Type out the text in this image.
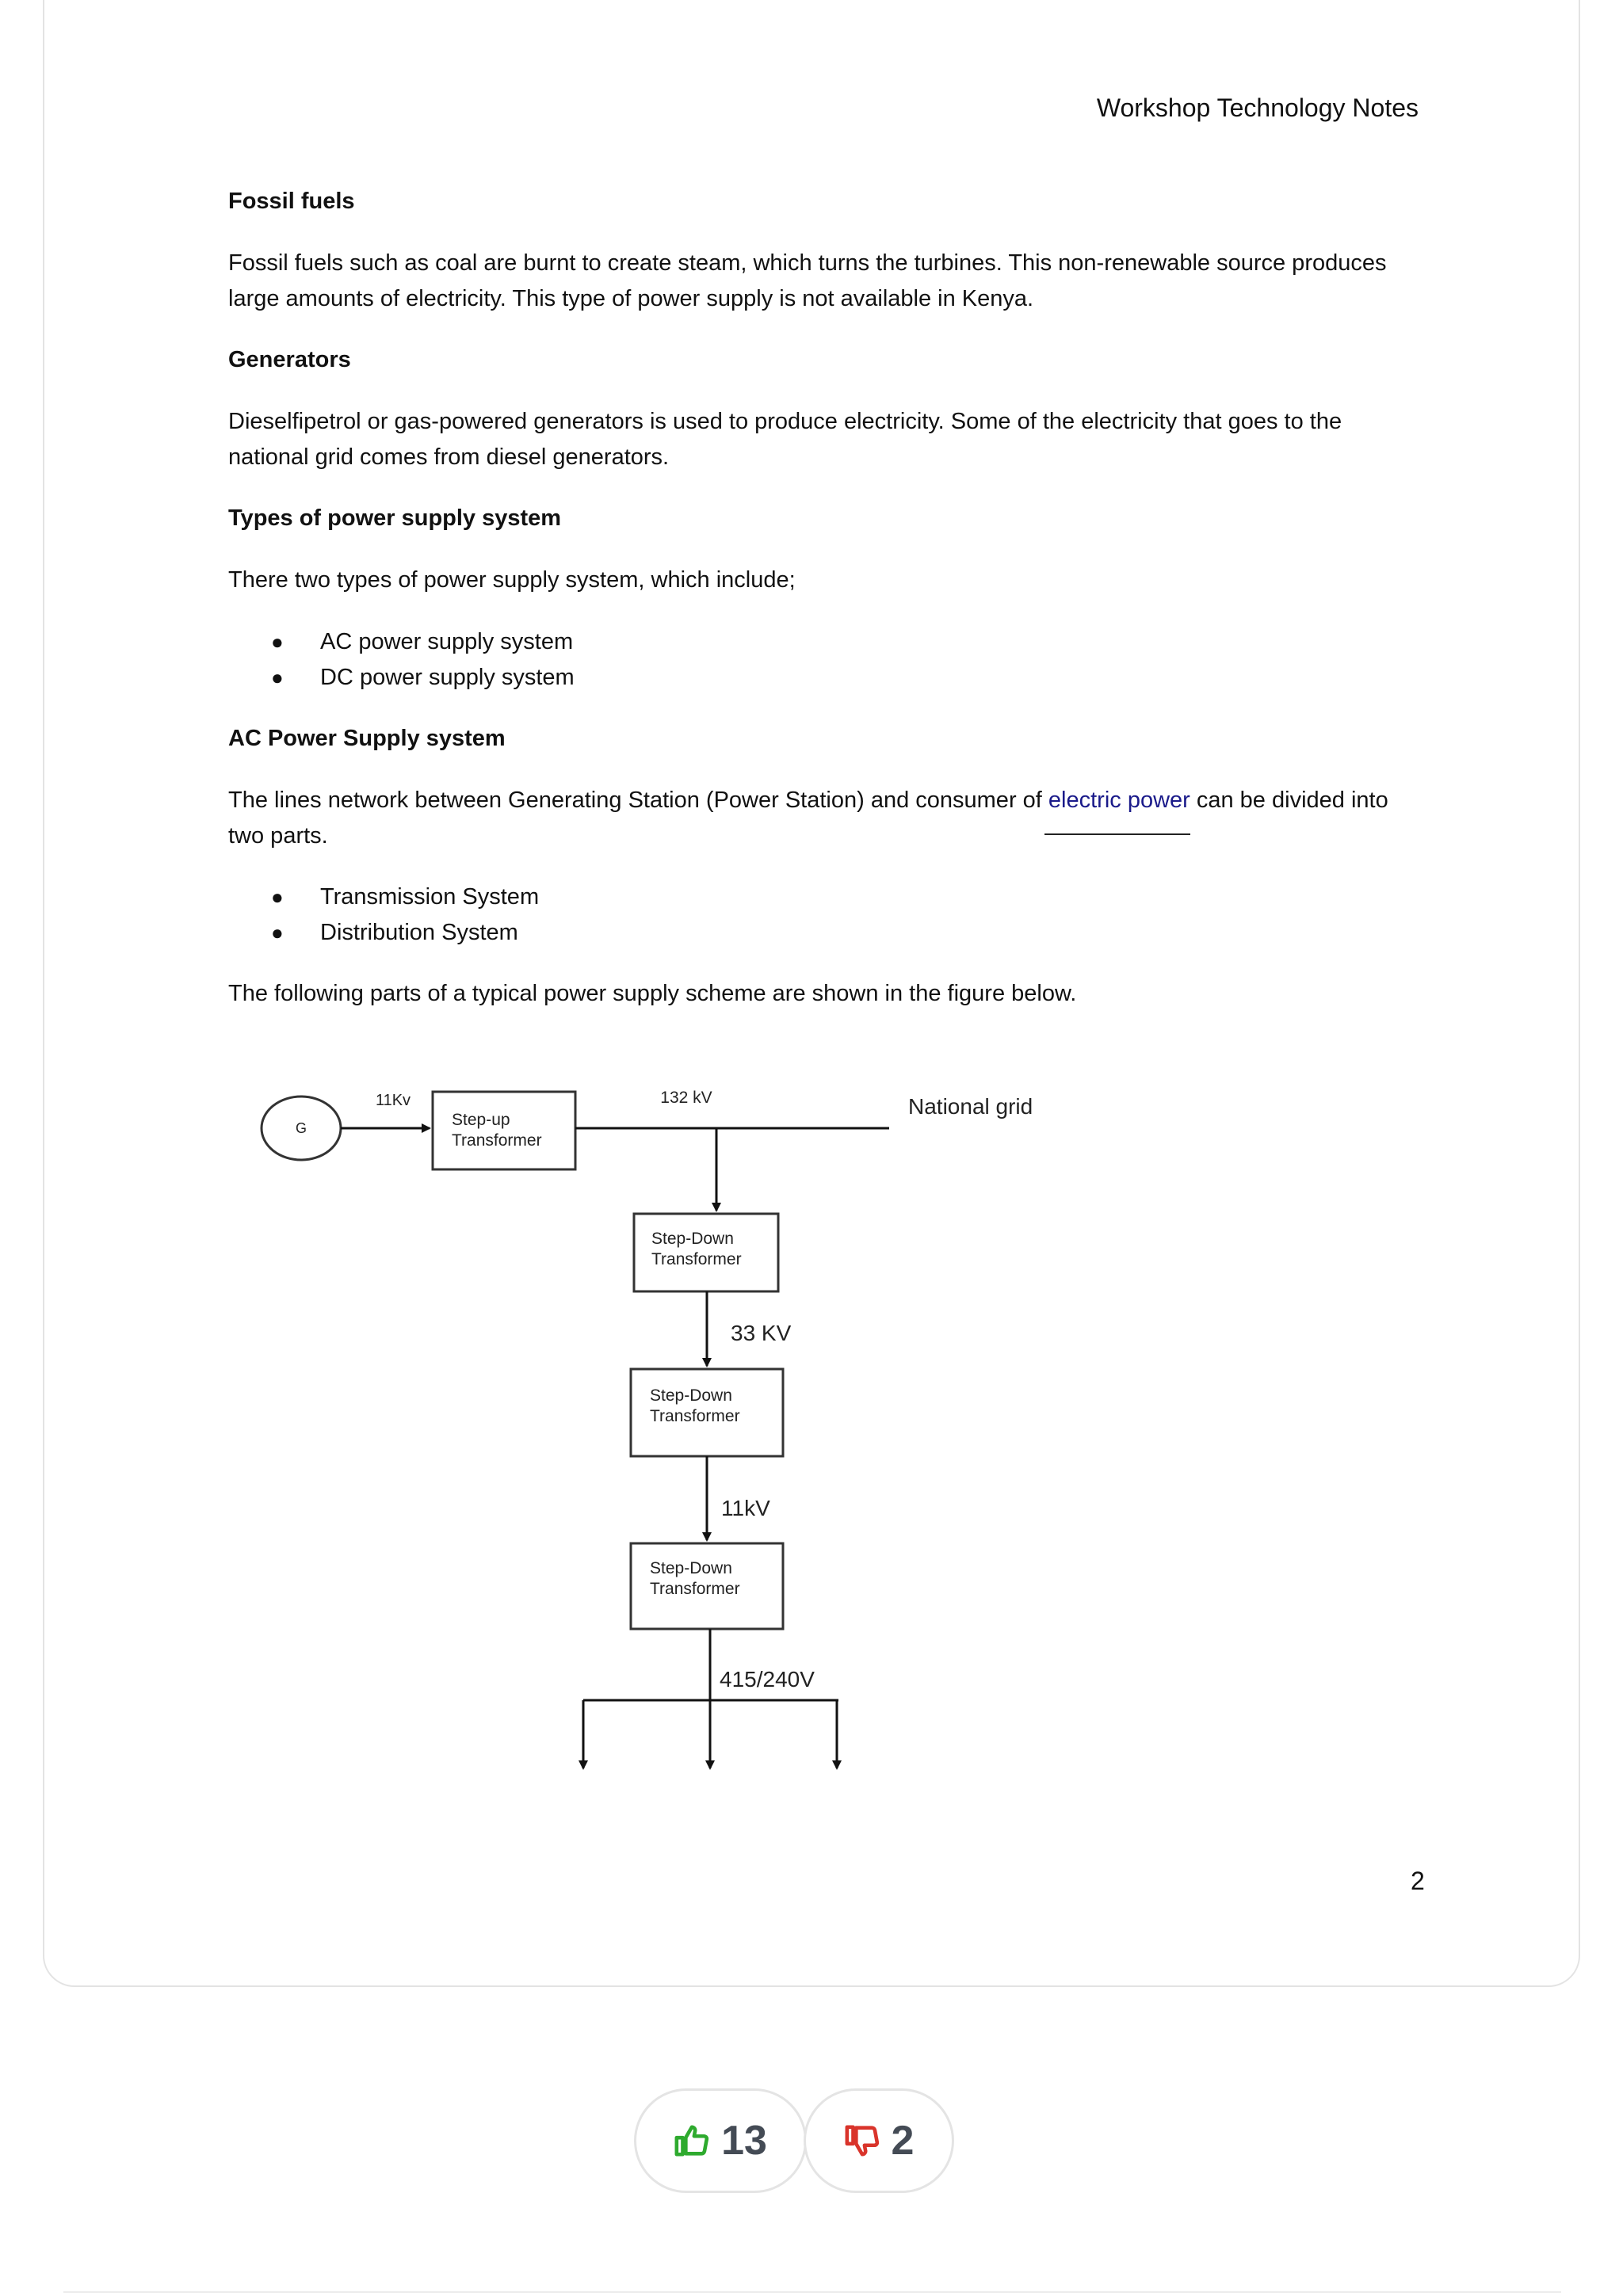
Workshop Technology Notes
Fossil fuels
Fossil fuels such as coal are burnt to create steam, which turns the turbines. This non-renewable source produces
large amounts of electricity. This type of power supply is not available in Kenya.
Generators
Dieselfipetrol or gas-powered generators is used to produce electricity. Some of the electricity that goes to the
national grid comes from diesel generators.
Types of power supply system
There two types of power supply system, which include;
● AC power supply system
● DC power supply system
AC Power Supply system
The lines network between Generating Station (Power Station) and consumer of electric power can be divided into
two parts.
● Transmission System
● Distribution System
The following parts of a typical power supply scheme are shown in the figure below.
G
11Kv
Step-up
Transformer
132 kV	National grid
Step-Down
Transformer
33 KV
Step-Down
Transformer
11kV
Step-Down
Transformer
415/240V
2
13	2
